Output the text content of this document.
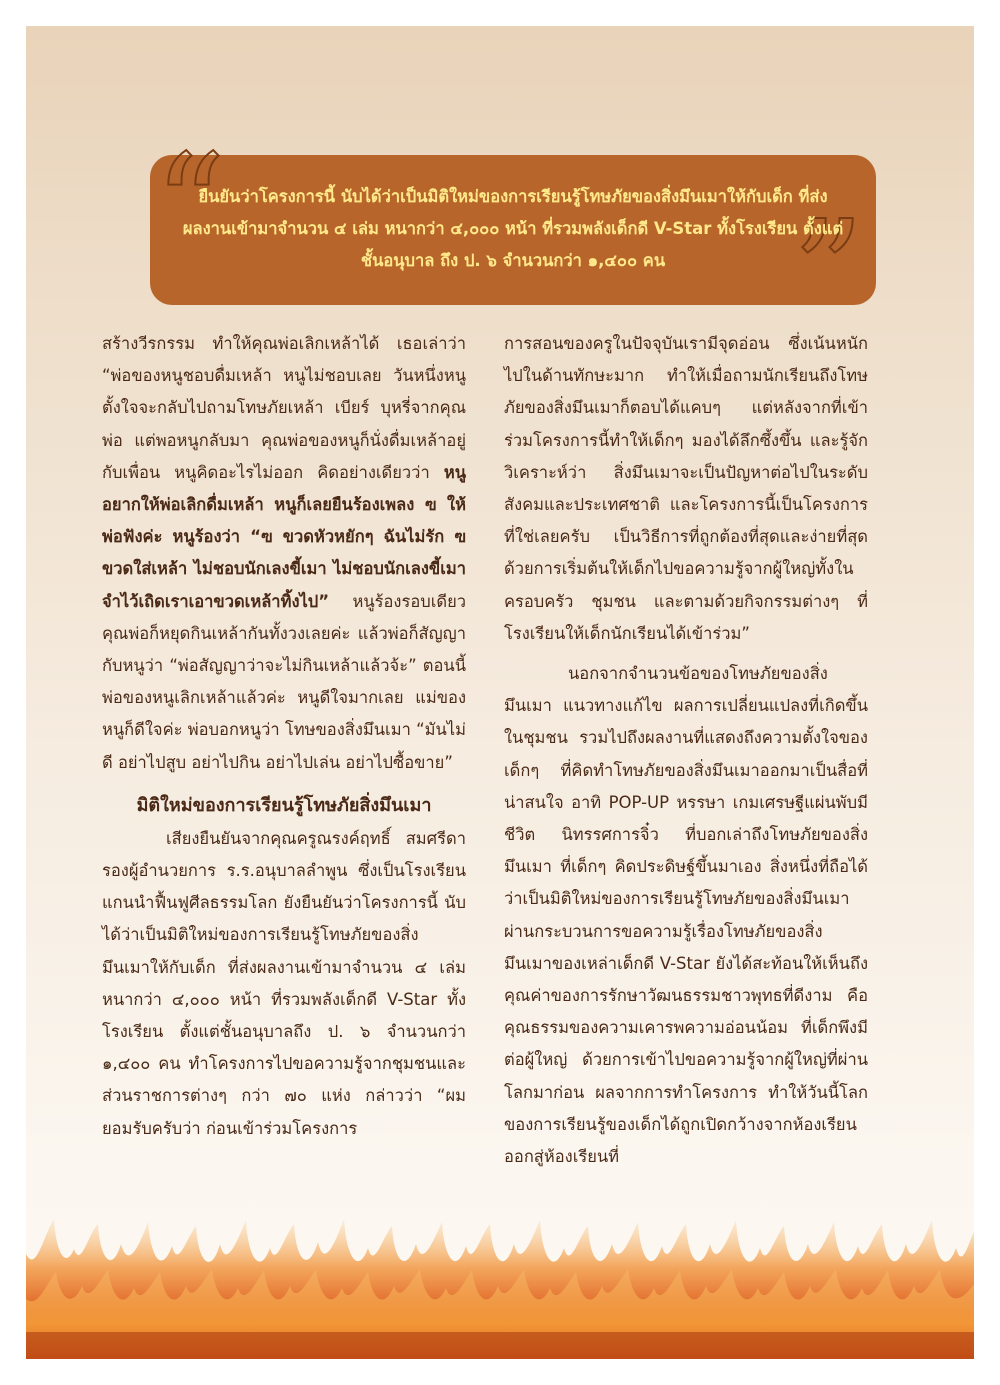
“	”
ยืนยันว่าโครงการนี้ นับได้ว่าเป็นมิติใหม่ของการเรียนรู้โทษภัยของสิ่งมึนเมาให้กับเด็ก ที่ส่ง
ผลงานเข้ามาจำนวน ๔ เล่ม หนากว่า ๔,๐๐๐ หน้า ที่รวมพลังเด็กดี V-Star ทั้งโรงเรียน ตั้งแต่
ชั้นอนุบาล ถึง ป. ๖ จำนวนกว่า ๑,๔๐๐ คน

สร้างวีรกรรม ทำให้คุณพ่อเลิกเหล้าได้ เธอเล่าว่า “พ่อของหนูชอบดื่มเหล้า หนูไม่ชอบเลย วันหนึ่งหนูตั้งใจจะกลับไปถามโทษภัยเหล้า เบียร์ บุหรี่จากคุณพ่อ แต่พอหนูกลับมา คุณพ่อของหนูก็นั่งดื่มเหล้าอยู่กับเพื่อน หนูคิดอะไรไม่ออก คิดอย่างเดียวว่า หนูอยากให้พ่อเลิกดื่มเหล้า หนูก็เลยยืนร้องเพลง ฃ ให้พ่อฟังค่ะ หนูร้องว่า “ฃ ขวดหัวหยักๆ ฉันไม่รัก ฃ ขวดใส่เหล้า ไม่ชอบนักเลงขี้เมา ไม่ชอบนักเลงขี้เมา จำไว้เถิดเราเอาขวดเหล้าทิ้งไป” หนูร้องรอบเดียว คุณพ่อก็หยุดกินเหล้ากันทั้งวงเลยค่ะ แล้วพ่อก็สัญญากับหนูว่า “พ่อสัญญาว่าจะไม่กินเหล้าแล้วจ้ะ” ตอนนี้พ่อของหนูเลิกเหล้าแล้วค่ะ หนูดีใจมากเลย แม่ของหนูก็ดีใจค่ะ พ่อบอกหนูว่า โทษของสิ่งมึนเมา “มันไม่ดี อย่าไปสูบ อย่าไปกิน อย่าไปเล่น อย่าไปซื้อขาย”

มิติใหม่ของการเรียนรู้โทษภัยสิ่งมึนเมา

เสียงยืนยันจากคุณครูณรงค์ฤทธิ์ สมศรีดา รองผู้อำนวยการ ร.ร.อนุบาลลำพูน ซึ่งเป็นโรงเรียนแกนนำฟื้นฟูศีลธรรมโลก ยังยืนยันว่าโครงการนี้ นับได้ว่าเป็นมิติใหม่ของการเรียนรู้โทษภัยของสิ่งมึนเมาให้กับเด็ก ที่ส่งผลงานเข้ามาจำนวน ๔ เล่ม หนากว่า ๔,๐๐๐ หน้า ที่รวมพลังเด็กดี V-Star ทั้งโรงเรียน ตั้งแต่ชั้นอนุบาลถึง ป. ๖ จำนวนกว่า ๑,๔๐๐ คน ทำโครงการไปขอความรู้จากชุมชนและส่วนราชการต่างๆ กว่า ๗๐ แห่ง กล่าวว่า “ผมยอมรับครับว่า ก่อนเข้าร่วมโครงการ

การสอนของครูในปัจจุบันเรามีจุดอ่อน ซึ่งเน้นหนักไปในด้านทักษะมาก ทำให้เมื่อถามนักเรียนถึงโทษภัยของสิ่งมึนเมาก็ตอบได้แคบๆ แต่หลังจากที่เข้าร่วมโครงการนี้ทำให้เด็กๆ มองได้ลึกซึ้งขึ้น และรู้จักวิเคราะห์ว่า สิ่งมึนเมาจะเป็นปัญหาต่อไปในระดับสังคมและประเทศชาติ และโครงการนี้เป็นโครงการที่ใช่เลยครับ เป็นวิธีการที่ถูกต้องที่สุดและง่ายที่สุด ด้วยการเริ่มต้นให้เด็กไปขอความรู้จากผู้ใหญ่ทั้งในครอบครัว ชุมชน และตามด้วยกิจกรรมต่างๆ ที่โรงเรียนให้เด็กนักเรียนได้เข้าร่วม”

นอกจากจำนวนข้อของโทษภัยของสิ่งมึนเมา แนวทางแก้ไข ผลการเปลี่ยนแปลงที่เกิดขึ้นในชุมชน รวมไปถึงผลงานที่แสดงถึงความตั้งใจของเด็กๆ ที่คิดทำโทษภัยของสิ่งมึนเมาออกมาเป็นสื่อที่น่าสนใจ อาทิ POP-UP หรรษา เกมเศรษฐีแผ่นพับมีชีวิต นิทรรศการจิ๋ว ที่บอกเล่าถึงโทษภัยของสิ่งมึนเมา ที่เด็กๆ คิดประดิษฐ์ขึ้นมาเอง สิ่งหนึ่งที่ถือได้ว่าเป็นมิติใหม่ของการเรียนรู้โทษภัยของสิ่งมึนเมา ผ่านกระบวนการขอความรู้เรื่องโทษภัยของสิ่งมึนเมาของเหล่าเด็กดี V-Star ยังได้สะท้อนให้เห็นถึงคุณค่าของการรักษาวัฒนธรรมชาวพุทธที่ดีงาม คือ คุณธรรมของความเคารพความอ่อนน้อม ที่เด็กพึงมีต่อผู้ใหญ่ ด้วยการเข้าไปขอความรู้จากผู้ใหญ่ที่ผ่านโลกมาก่อน ผลจากการทำโครงการ ทำให้วันนี้โลกของการเรียนรู้ของเด็กได้ถูกเปิดกว้างจากห้องเรียน ออกสู่ห้องเรียนที่
